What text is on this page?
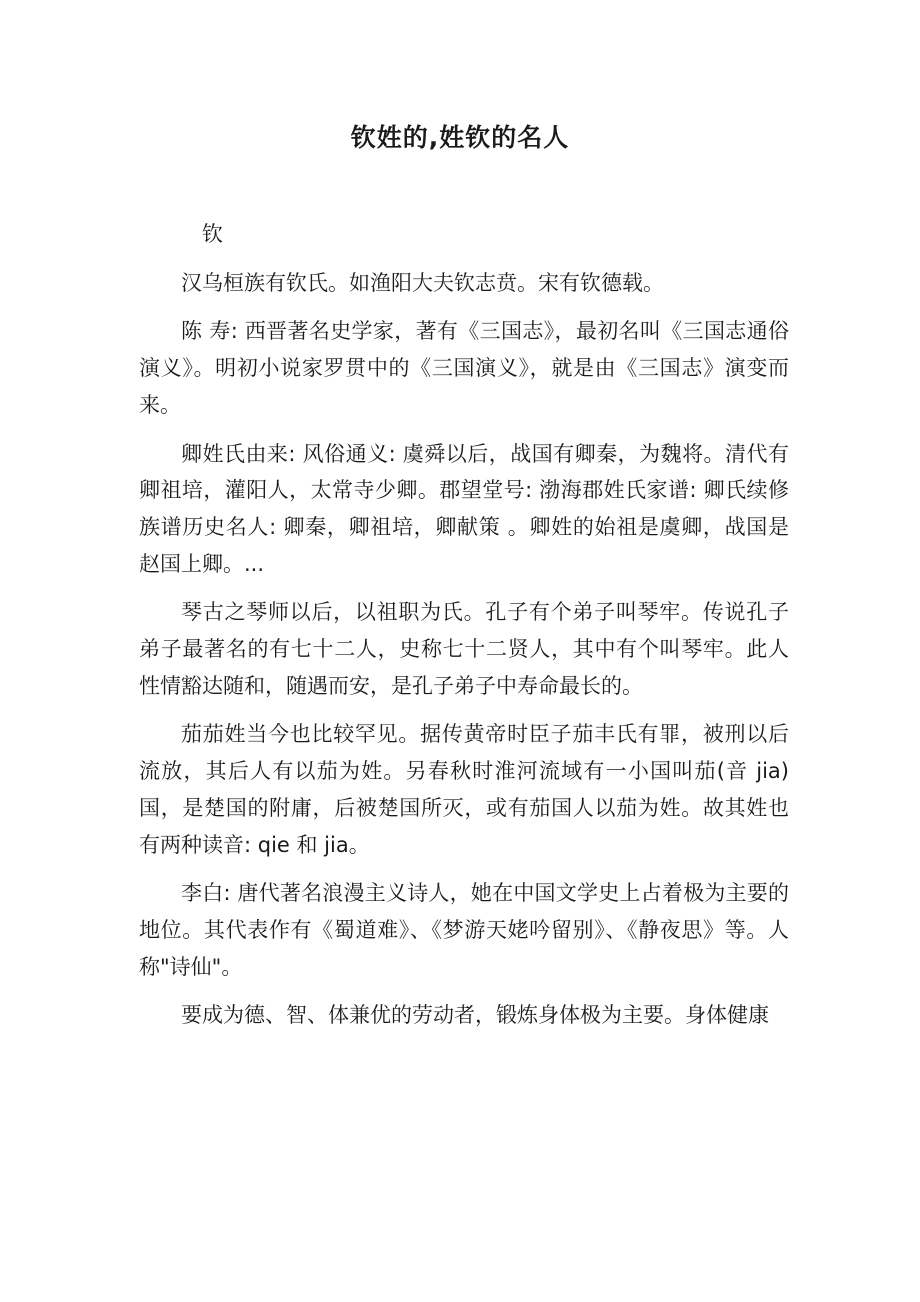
钦姓的,姓钦的名人

钦

汉乌桓族有钦氏。如渔阳大夫钦志贲。宋有钦德载。

陈 寿: 西晋著名史学家，著有《三国志》，最初名叫《三国志通俗演义》。明初小说家罗贯中的《三国演义》，就是由《三国志》演变而来。

卿姓氏由来: 风俗通义: 虞舜以后，战国有卿秦，为魏将。清代有卿祖培，灌阳人，太常寺少卿。郡望堂号: 渤海郡姓氏家谱: 卿氏续修族谱历史名人: 卿秦，卿祖培，卿献策 。卿姓的始祖是虞卿，战国是赵国上卿。...

琴古之琴师以后，以祖职为氏。孔子有个弟子叫琴牢。传说孔子弟子最著名的有七十二人，史称七十二贤人，其中有个叫琴牢。此人性情豁达随和，随遇而安，是孔子弟子中寿命最长的。

茄茄姓当今也比较罕见。据传黄帝时臣子茄丰氏有罪，被刑以后流放，其后人有以茄为姓。另春秋时淮河流域有一小国叫茄(音 jia)国，是楚国的附庸，后被楚国所灭，或有茄国人以茄为姓。故其姓也有两种读音: qie 和 jia。

李白: 唐代著名浪漫主义诗人，她在中国文学史上占着极为主要的地位。其代表作有《蜀道难》、《梦游天姥吟留别》、《静夜思》等。人称"诗仙"。

要成为德、智、体兼优的劳动者，锻炼身体极为主要。身体健康
